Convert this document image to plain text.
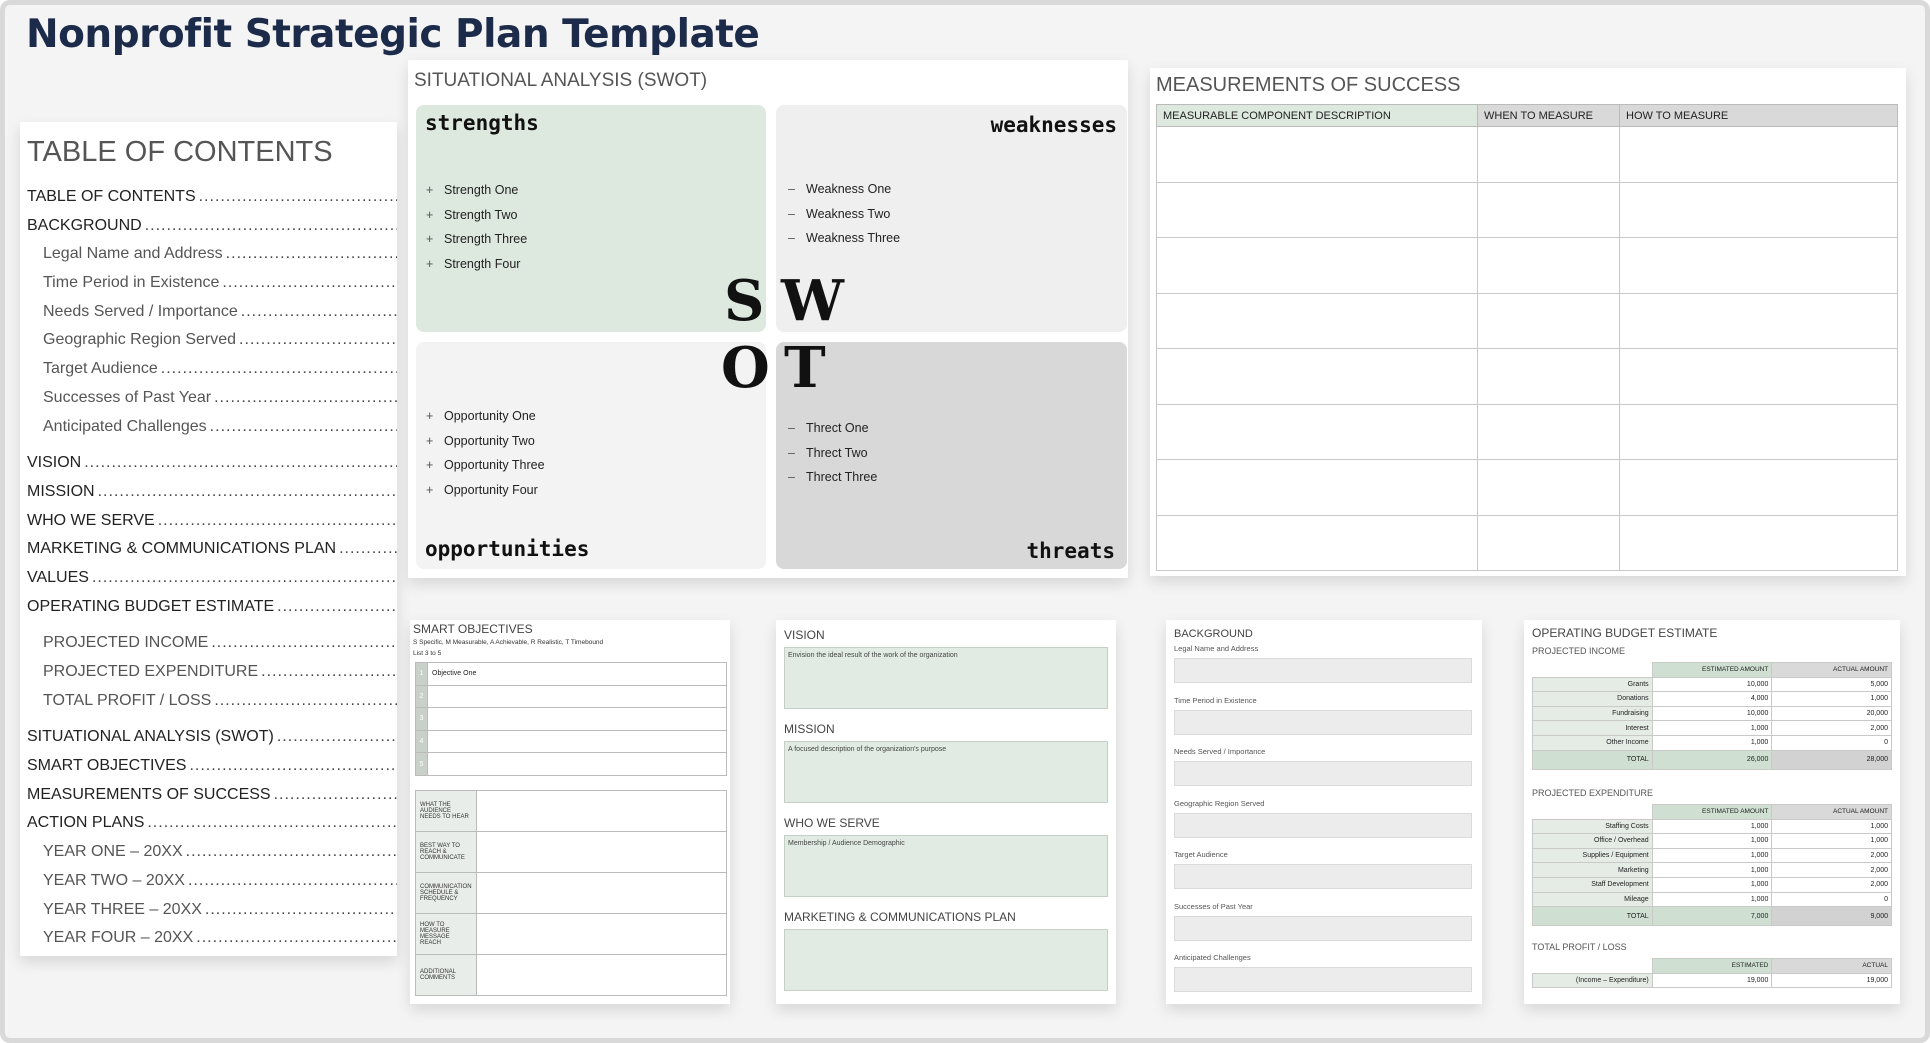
Nonprofit Strategic Plan Template
TABLE OF CONTENTS
TABLE OF CONTENTS
.....
BACKGROUND
.....
Legal Name and Address
.....
Time Period in Existence
.....
Needs Served / Importance
.....
Geographic Region Served
.....
Target Audience
.....
Successes of Past Year
.....
Anticipated Challenges
.....
VISION
.....
MISSION
.....
WHO WE SERVE
.....
MARKETING & COMMUNICATIONS PLAN
.....
VALUES
.....
OPERATING BUDGET ESTIMATE
.....
PROJECTED INCOME
.....
PROJECTED EXPENDITURE
.....
TOTAL PROFIT / LOSS
.....
SITUATIONAL ANALYSIS (SWOT)
.....
SMART OBJECTIVES
.....
MEASUREMENTS OF SUCCESS
.....
ACTION PLANS
.....
YEAR ONE – 20XX
.....
YEAR TWO – 20XX
.....
YEAR THREE – 20XX
.....
YEAR FOUR – 20XX
.....
SITUATIONAL ANALYSIS (SWOT)
strengths
+ Strength One
+ Strength Two
+ Strength Three
+ Strength Four
weaknesses
– Weakness One
– Weakness Two
– Weakness Three
+ Opportunity One
+ Opportunity Two
+ Opportunity Three
+ Opportunity Four
opportunities
– Threct One
– Threct Two
– Threct Three
threats
S W
O T
MEASUREMENTS OF SUCCESS
MEASURABLE COMPONENT DESCRIPTION	WHEN TO MEASURE	HOW TO MEASURE

SMART OBJECTIVES
S Specific, M Measurable, A Achievable, R Realistic, T Timebound
List 3 to 5
1	Objective One
2	
3	
4	
5	
WHAT THE AUDIENCE NEEDS TO HEAR	
BEST WAY TO REACH & COMMUNICATE	
COMMUNICATION SCHEDULE & FREQUENCY	
HOW TO MEASURE MESSAGE REACH	
ADDITIONAL COMMENTS	
VISION
Envision the ideal result of the work of the organization
MISSION
A focused description of the organization's purpose
WHO WE SERVE
Membership / Audience Demographic
MARKETING & COMMUNICATIONS PLAN
BACKGROUND
Legal Name and Address
Time Period in Existence
Needs Served / Importance
Geographic Region Served
Target Audience
Successes of Past Year
Anticipated Challenges
OPERATING BUDGET ESTIMATE
PROJECTED INCOME
	ESTIMATED AMOUNT	ACTUAL AMOUNT
Grants	10,000	5,000
Donations	4,000	1,000
Fundraising	10,000	20,000
Interest	1,000	2,000
Other Income	1,000	0
TOTAL	26,000	28,000
PROJECTED EXPENDITURE
	ESTIMATED AMOUNT	ACTUAL AMOUNT
Staffing Costs	1,000	1,000
Office / Overhead	1,000	1,000
Supplies / Equipment	1,000	2,000
Marketing	1,000	2,000
Staff Development	1,000	2,000
Mileage	1,000	0
TOTAL	7,000	9,000
TOTAL PROFIT / LOSS
	ESTIMATED	ACTUAL
(Income – Expenditure)	19,000	19,000
